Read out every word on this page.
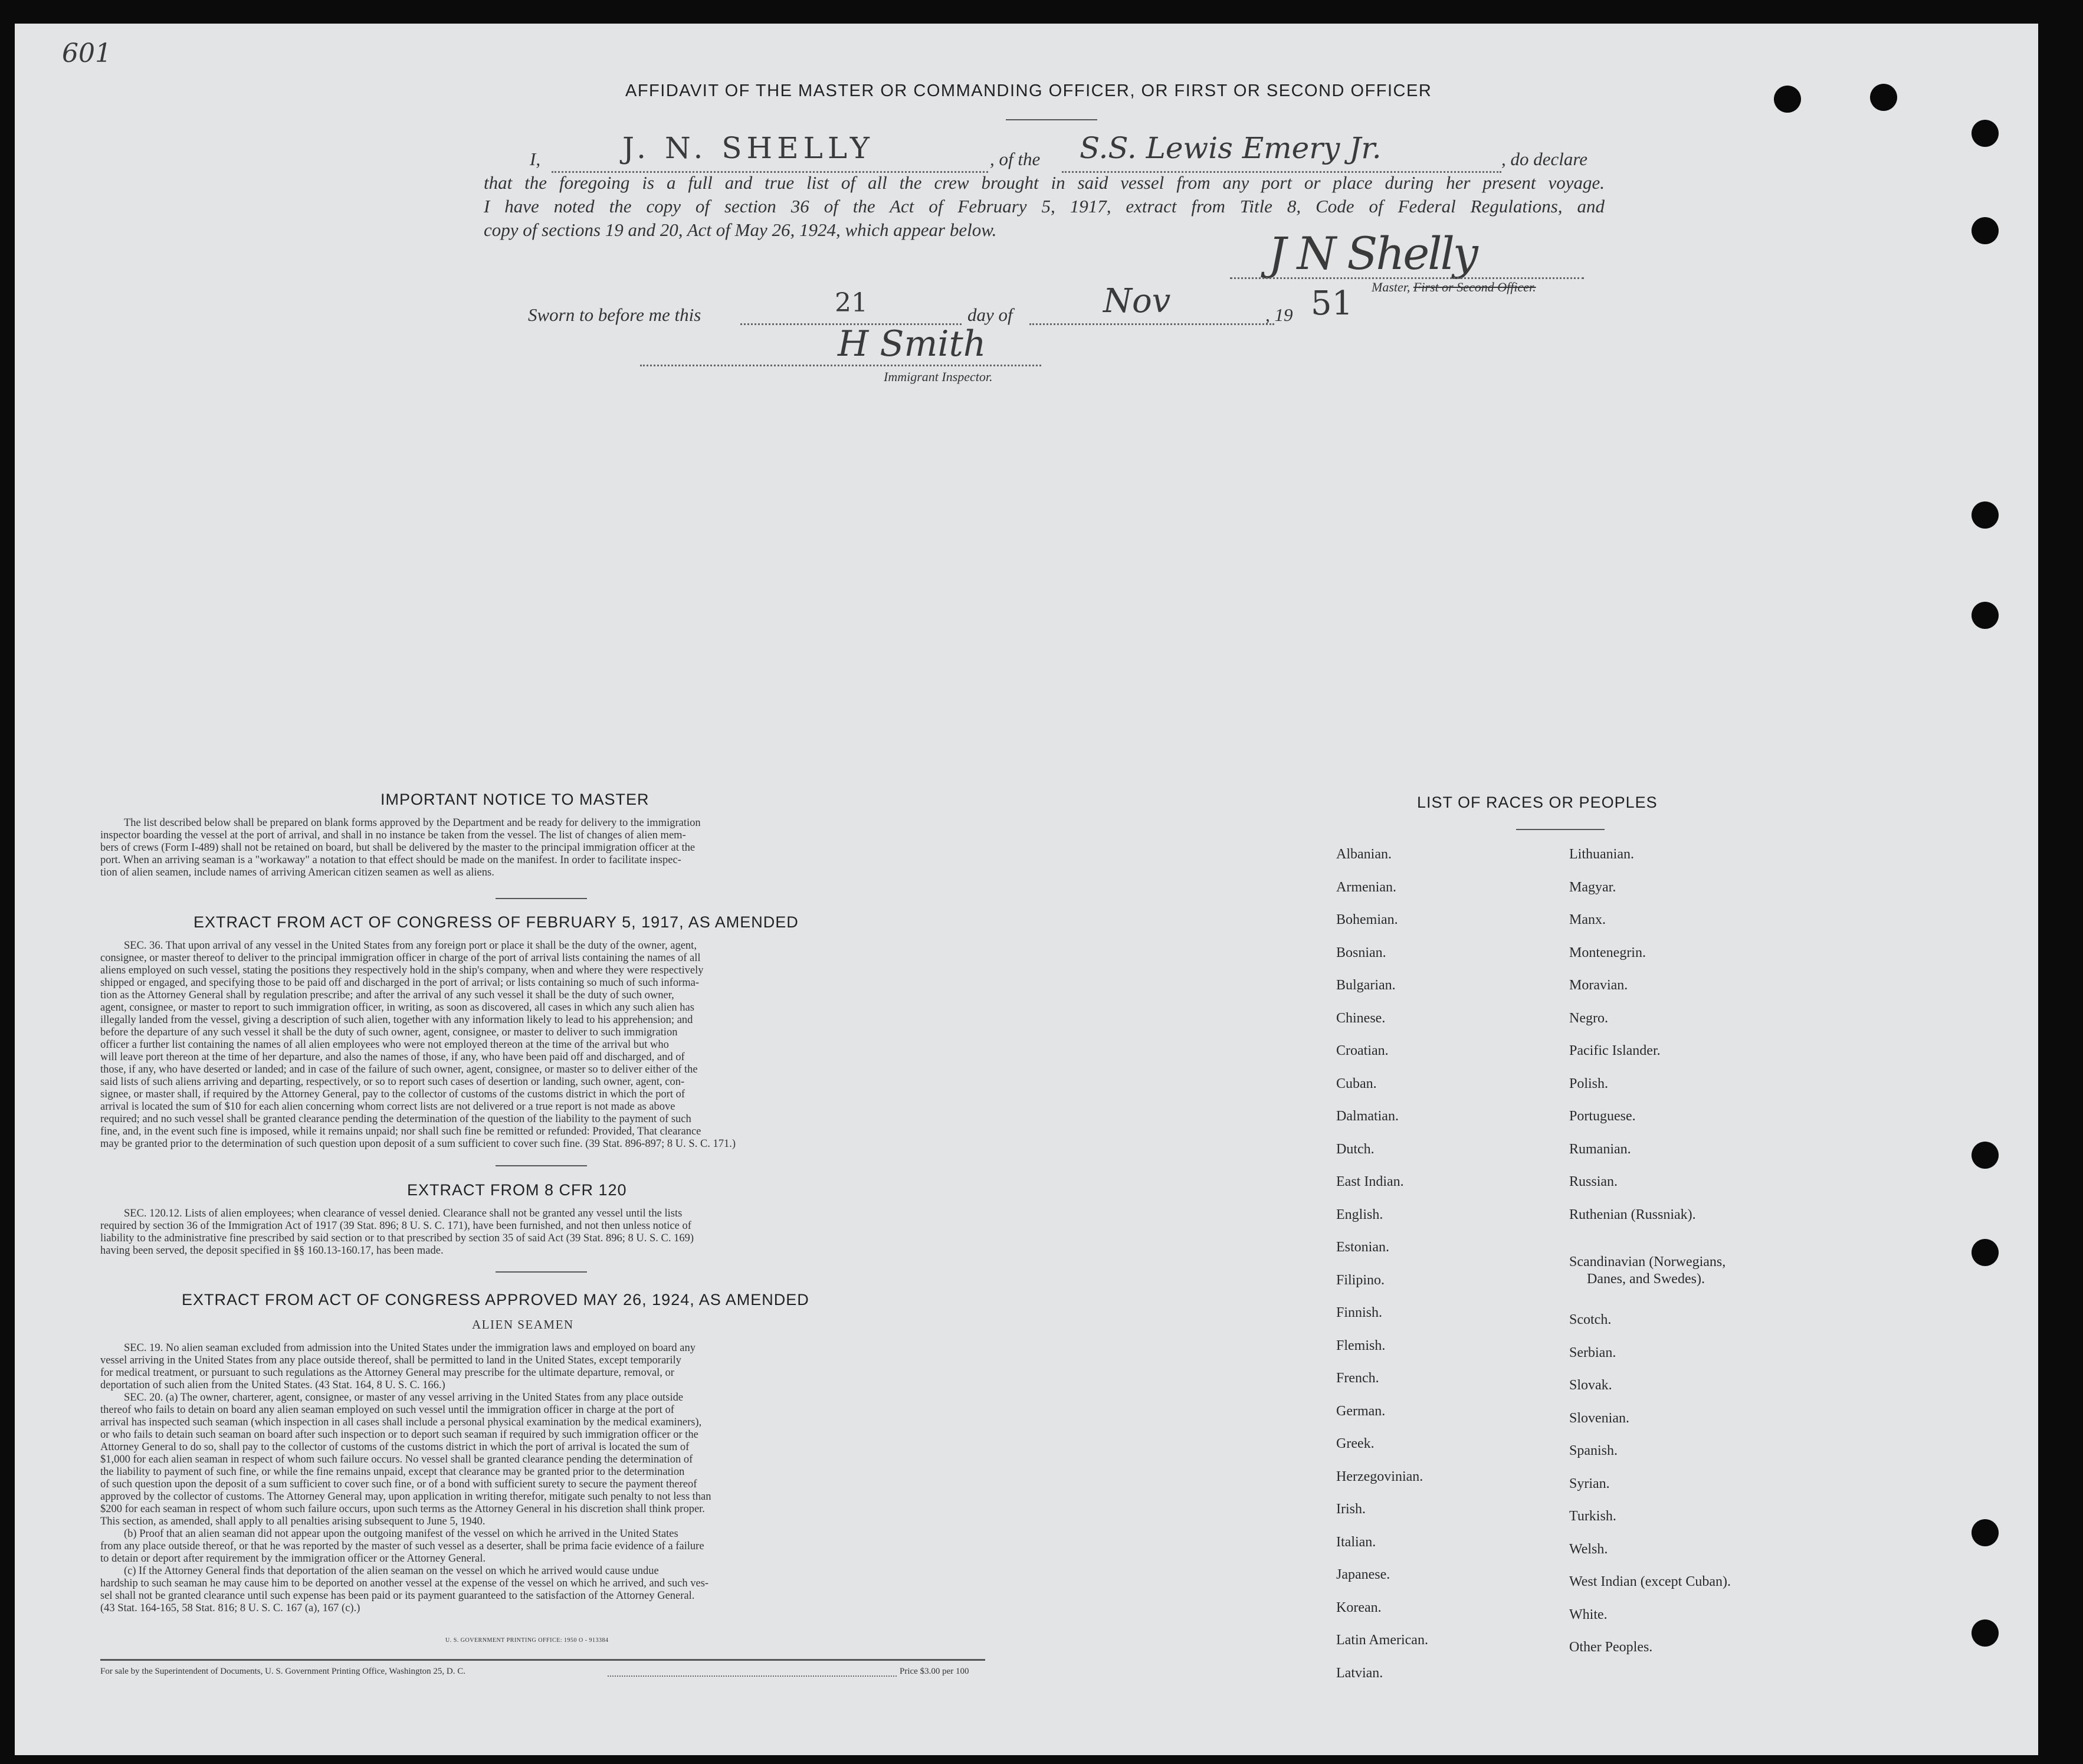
601
AFFIDAVIT OF THE MASTER OR COMMANDING OFFICER, OR FIRST OR SECOND OFFICER
I,	J. N. SHELLY	, of the S.S. Lewis Emery Jr.	, do declare
that the foregoing is a full and true list of all the crew brought in said vessel from any port or place during her present voyage.
I have noted the copy of section 36 of the Act of February 5, 1917, extract from Title 8, Code of Federal Regulations, and
copy of sections 19 and 20, Act of May 26, 1924, which appear below.	J N Shelly
Master, First or Second Officer.
Sworn to before me this	21	day of	Nov	, 19 51
H Smith
Immigrant Inspector.
IMPORTANT NOTICE TO MASTER
The list described below shall be prepared on blank forms approved by the Department and be ready for delivery to the immigration
inspector boarding the vessel at the port of arrival, and shall in no instance be taken from the vessel. The list of changes of alien mem-
bers of crews (Form I-489) shall not be retained on board, but shall be delivered by the master to the principal immigration officer at the
port. When an arriving seaman is a "workaway" a notation to that effect should be made on the manifest. In order to facilitate inspec-
tion of alien seamen, include names of arriving American citizen seamen as well as aliens.
EXTRACT FROM ACT OF CONGRESS OF FEBRUARY 5, 1917, AS AMENDED
SEC. 36. That upon arrival of any vessel in the United States from any foreign port or place it shall be the duty of the owner, agent,
consignee, or master thereof to deliver to the principal immigration officer in charge of the port of arrival lists containing the names of all
aliens employed on such vessel, stating the positions they respectively hold in the ship's company, when and where they were respectively
shipped or engaged, and specifying those to be paid off and discharged in the port of arrival; or lists containing so much of such informa-
tion as the Attorney General shall by regulation prescribe; and after the arrival of any such vessel it shall be the duty of such owner,
agent, consignee, or master to report to such immigration officer, in writing, as soon as discovered, all cases in which any such alien has
illegally landed from the vessel, giving a description of such alien, together with any information likely to lead to his apprehension; and
before the departure of any such vessel it shall be the duty of such owner, agent, consignee, or master to deliver to such immigration
officer a further list containing the names of all alien employees who were not employed thereon at the time of the arrival but who
will leave port thereon at the time of her departure, and also the names of those, if any, who have been paid off and discharged, and of
those, if any, who have deserted or landed; and in case of the failure of such owner, agent, consignee, or master so to deliver either of the
said lists of such aliens arriving and departing, respectively, or so to report such cases of desertion or landing, such owner, agent, con-
signee, or master shall, if required by the Attorney General, pay to the collector of customs of the customs district in which the port of
arrival is located the sum of $10 for each alien concerning whom correct lists are not delivered or a true report is not made as above
required; and no such vessel shall be granted clearance pending the determination of the question of the liability to the payment of such
fine, and, in the event such fine is imposed, while it remains unpaid; nor shall such fine be remitted or refunded: Provided, That clearance
may be granted prior to the determination of such question upon deposit of a sum sufficient to cover such fine. (39 Stat. 896-897; 8 U. S. C. 171.)
EXTRACT FROM 8 CFR 120
SEC. 120.12. Lists of alien employees; when clearance of vessel denied. Clearance shall not be granted any vessel until the lists
required by section 36 of the Immigration Act of 1917 (39 Stat. 896; 8 U. S. C. 171), have been furnished, and not then unless notice of
liability to the administrative fine prescribed by said section or to that prescribed by section 35 of said Act (39 Stat. 896; 8 U. S. C. 169)
having been served, the deposit specified in §§ 160.13-160.17, has been made.
EXTRACT FROM ACT OF CONGRESS APPROVED MAY 26, 1924, AS AMENDED
ALIEN SEAMEN
SEC. 19. No alien seaman excluded from admission into the United States under the immigration laws and employed on board any
vessel arriving in the United States from any place outside thereof, shall be permitted to land in the United States, except temporarily
for medical treatment, or pursuant to such regulations as the Attorney General may prescribe for the ultimate departure, removal, or
deportation of such alien from the United States. (43 Stat. 164, 8 U. S. C. 166.)
SEC. 20. (a) The owner, charterer, agent, consignee, or master of any vessel arriving in the United States from any place outside
thereof who fails to detain on board any alien seaman employed on such vessel until the immigration officer in charge at the port of
arrival has inspected such seaman (which inspection in all cases shall include a personal physical examination by the medical examiners),
or who fails to detain such seaman on board after such inspection or to deport such seaman if required by such immigration officer or the
Attorney General to do so, shall pay to the collector of customs of the customs district in which the port of arrival is located the sum of
$1,000 for each alien seaman in respect of whom such failure occurs. No vessel shall be granted clearance pending the determination of
the liability to payment of such fine, or while the fine remains unpaid, except that clearance may be granted prior to the determination
of such question upon the deposit of a sum sufficient to cover such fine, or of a bond with sufficient surety to secure the payment thereof
approved by the collector of customs. The Attorney General may, upon application in writing therefor, mitigate such penalty to not less than
$200 for each seaman in respect of whom such failure occurs, upon such terms as the Attorney General in his discretion shall think proper.
This section, as amended, shall apply to all penalties arising subsequent to June 5, 1940.
(b) Proof that an alien seaman did not appear upon the outgoing manifest of the vessel on which he arrived in the United States
from any place outside thereof, or that he was reported by the master of such vessel as a deserter, shall be prima facie evidence of a failure
to detain or deport after requirement by the immigration officer or the Attorney General.
(c) If the Attorney General finds that deportation of the alien seaman on the vessel on which he arrived would cause undue
hardship to such seaman he may cause him to be deported on another vessel at the expense of the vessel on which he arrived, and such ves-
sel shall not be granted clearance until such expense has been paid or its payment guaranteed to the satisfaction of the Attorney General.
(43 Stat. 164-165, 58 Stat. 816; 8 U. S. C. 167 (a), 167 (c).)
U. S. GOVERNMENT PRINTING OFFICE: 1950 O - 913384
For sale by the Superintendent of Documents, U. S. Government Printing Office, Washington 25, D. C.	Price $3.00 per 100
LIST OF RACES OR PEOPLES
Albanian.
Armenian.
Bohemian.
Bosnian.
Bulgarian.
Chinese.
Croatian.
Cuban.
Dalmatian.
Dutch.
East Indian.
English.
Estonian.
Filipino.
Finnish.
Flemish.
French.
German.
Greek.
Herzegovinian.
Irish.
Italian.
Japanese.
Korean.
Latin American.
Latvian.
Lithuanian.
Magyar.
Manx.
Montenegrin.
Moravian.
Negro.
Pacific Islander.
Polish.
Portuguese.
Rumanian.
Russian.
Ruthenian (Russniak).
Scandinavian (Norwegians,
Danes, and Swedes).
Scotch.
Serbian.
Slovak.
Slovenian.
Spanish.
Syrian.
Turkish.
Welsh.
West Indian (except Cuban).
White.
Other Peoples.
